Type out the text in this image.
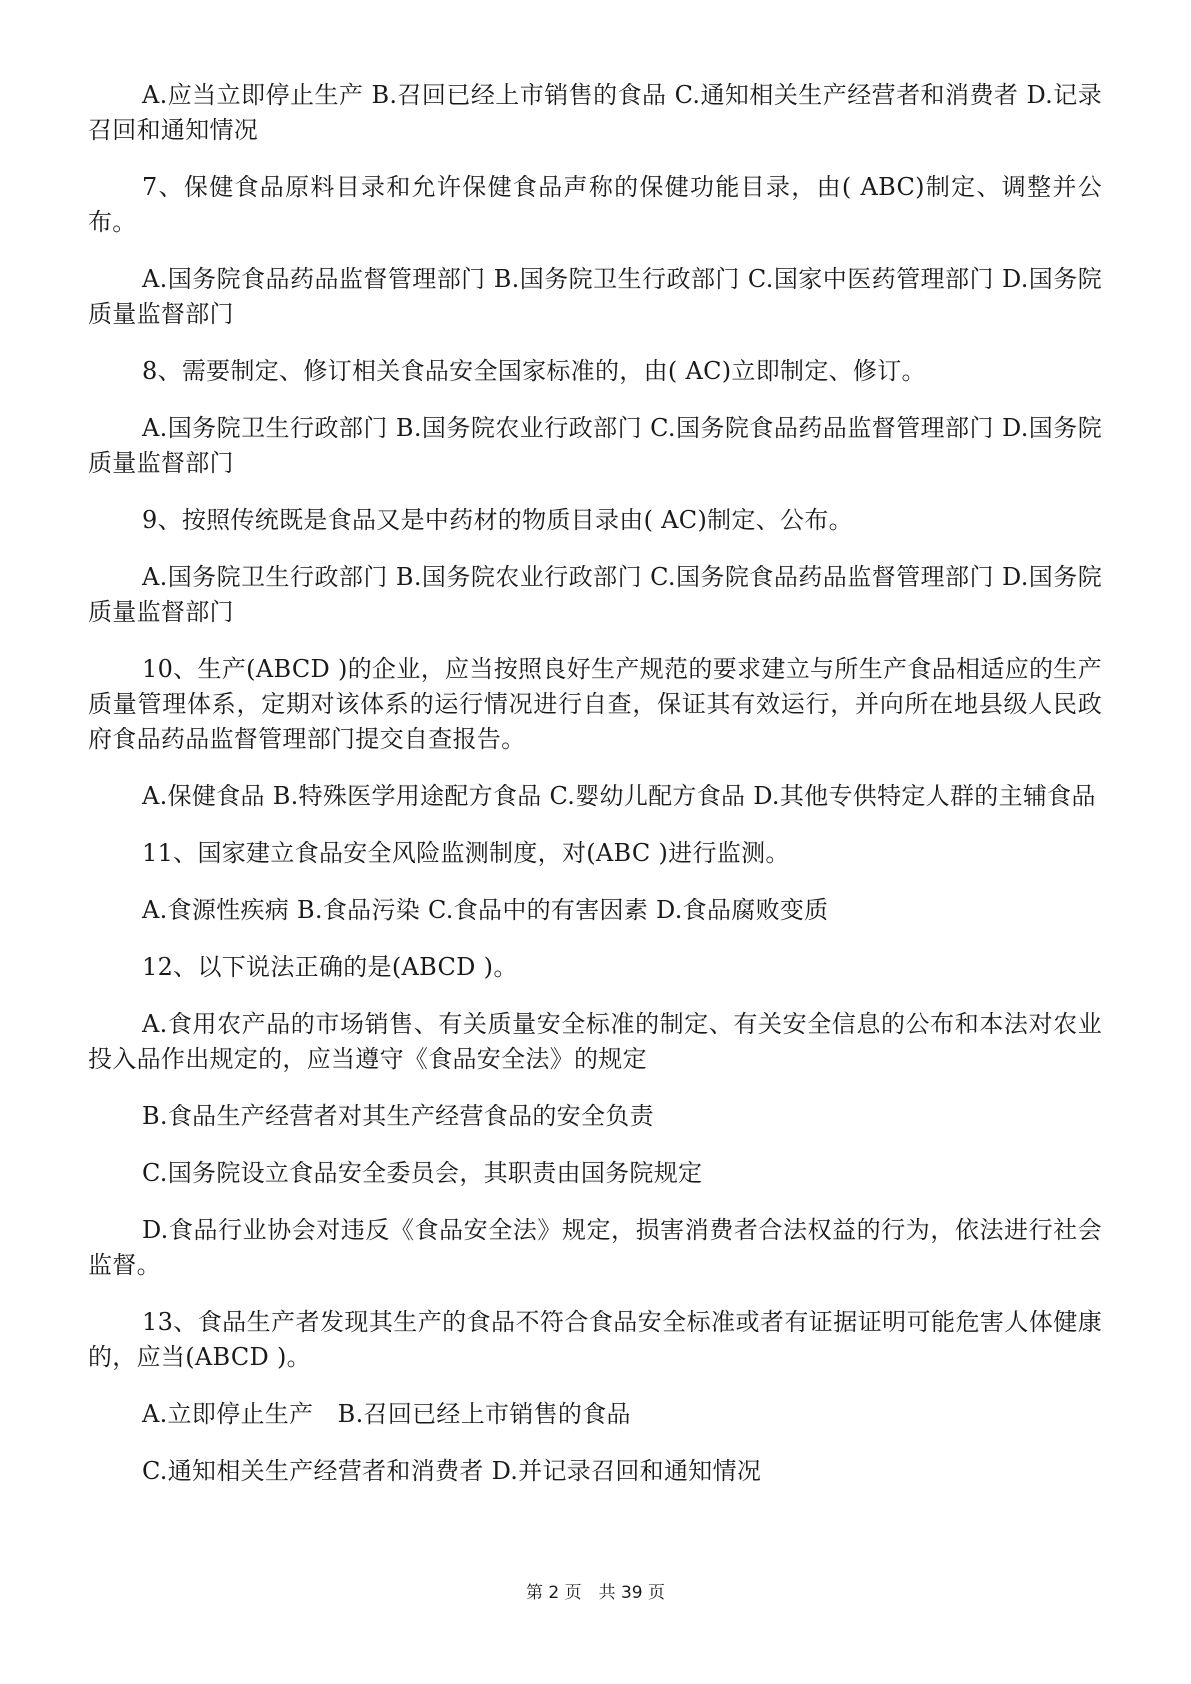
A.应当立即停止生产 B.召回已经上市销售的食品 C.通知相关生产经营者和消费者 D.记录召回和通知情况

7、保健食品原料目录和允许保健食品声称的保健功能目录，由( ABC)制定、调整并公布。

A.国务院食品药品监督管理部门 B.国务院卫生行政部门 C.国家中医药管理部门 D.国务院质量监督部门

8、需要制定、修订相关食品安全国家标准的，由( AC)立即制定、修订。

A.国务院卫生行政部门 B.国务院农业行政部门 C.国务院食品药品监督管理部门 D.国务院质量监督部门

9、按照传统既是食品又是中药材的物质目录由( AC)制定、公布。

A.国务院卫生行政部门 B.国务院农业行政部门 C.国务院食品药品监督管理部门 D.国务院质量监督部门

10、生产(ABCD )的企业，应当按照良好生产规范的要求建立与所生产食品相适应的生产质量管理体系，定期对该体系的运行情况进行自查，保证其有效运行，并向所在地县级人民政府食品药品监督管理部门提交自查报告。

A.保健食品 B.特殊医学用途配方食品 C.婴幼儿配方食品 D.其他专供特定人群的主辅食品

11、国家建立食品安全风险监测制度，对(ABC )进行监测。

A.食源性疾病 B.食品污染 C.食品中的有害因素 D.食品腐败变质

12、以下说法正确的是(ABCD )。

A.食用农产品的市场销售、有关质量安全标准的制定、有关安全信息的公布和本法对农业投入品作出规定的，应当遵守《食品安全法》的规定

B.食品生产经营者对其生产经营食品的安全负责

C.国务院设立食品安全委员会，其职责由国务院规定

D.食品行业协会对违反《食品安全法》规定，损害消费者合法权益的行为，依法进行社会监督。

13、食品生产者发现其生产的食品不符合食品安全标准或者有证据证明可能危害人体健康的，应当(ABCD )。

A.立即停止生产　B.召回已经上市销售的食品

C.通知相关生产经营者和消费者 D.并记录召回和通知情况

第 2 页　共 39 页
